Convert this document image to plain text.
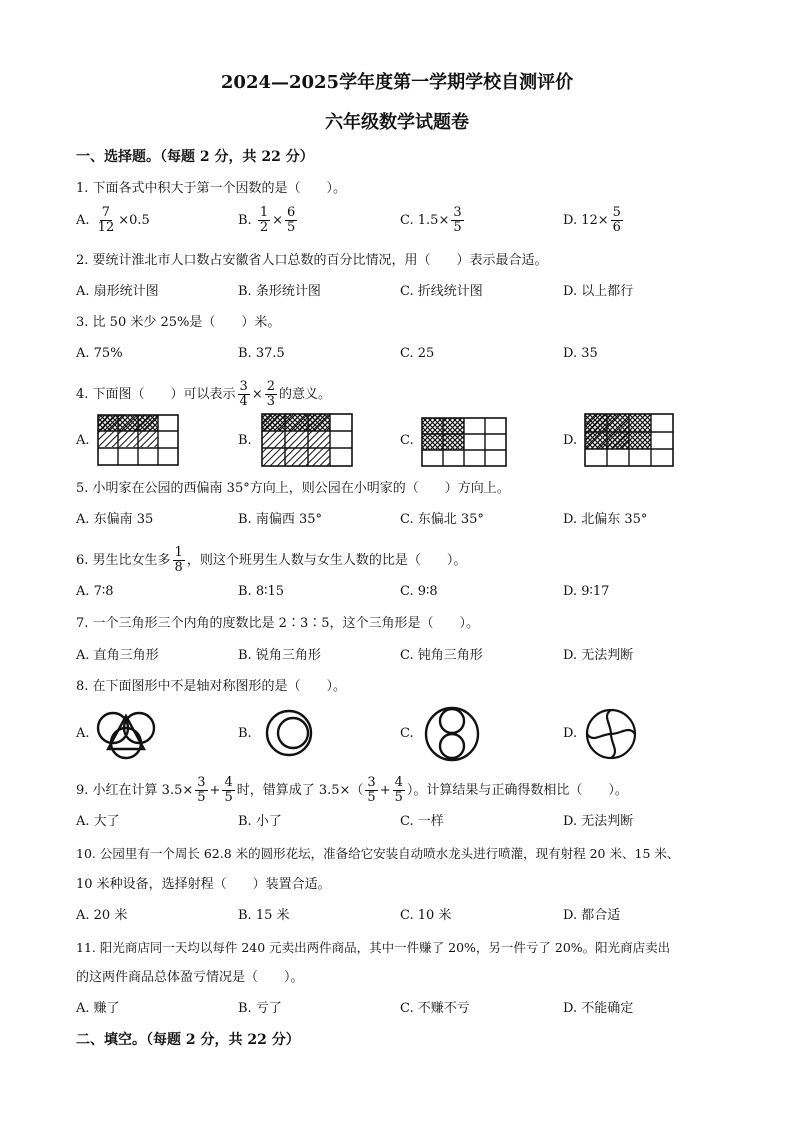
2024—2025学年度第一学期学校自测评价
六年级数学试题卷
一、选择题。（每题 2 分，共 22 分）
1. 下面各式中积大于第一个因数的是（　　）。
A. $\frac{7}{12} \times 0.5$	B. $\frac{1}{2} \times \frac{6}{5}$	C. $1.5\times \frac{3}{5}$	D. $12\times \frac{5}{6}$
2. 要统计淮北市人口数占安徽省人口总数的百分比情况，用（　　）表示最合适。
A. 扇形统计图	B. 条形统计图	C. 折线统计图	D. 以上都行
3. 比 50 米少 25%是（　　）米。
A. 75%	B. 37.5	C. 25	D. 35
4. 下面图（　　）可以表示 $\frac{3}{4} \times \frac{2}{3}$ 的意义。
A.	B.	C.	D.
5. 小明家在公园的西偏南 35°方向上，则公园在小明家的（　　）方向上。
A. 东偏南 35	B. 南偏西 35°	C. 东偏北 35°	D. 北偏东 35°
6. 男生比女生多 $\frac{1}{8}$ ，则这个班男生人数与女生人数的比是（　　）。
A. 7∶8	B. 8∶15	C. 9∶8	D. 9∶17
7. 一个三角形三个内角的度数比是 2∶3∶5，这个三角形是（　　）。
A. 直角三角形	B. 锐角三角形	C. 钝角三角形	D. 无法判断
8. 在下面图形中不是轴对称图形的是（　　）。
A.	B.	C.	D.
9. 小红在计算 $3.5\times \frac{3}{5} + \frac{4}{5}$ 时，错算成了 $3.5\times( \frac{3}{5} + \frac{4}{5}$ ）。计算结果与正确得数相比（　　）。
A. 大了	B. 小了	C. 一样	D. 无法判断
10. 公园里有一个周长 62.8 米的圆形花坛，准备给它安装自动喷水龙头进行喷灌，现有射程 20 米、15 米、
10 米种设备，选择射程（　　）装置合适。
A. 20 米	B. 15 米	C. 10 米	D. 都合适
11. 阳光商店同一天均以每件 240 元卖出两件商品，其中一件赚了 20%，另一件亏了 20%。阳光商店卖出
的这两件商品总体盈亏情况是（　　）。
A. 赚了	B. 亏了	C. 不赚不亏	D. 不能确定
二、填空。（每题 2 分，共 22 分）
